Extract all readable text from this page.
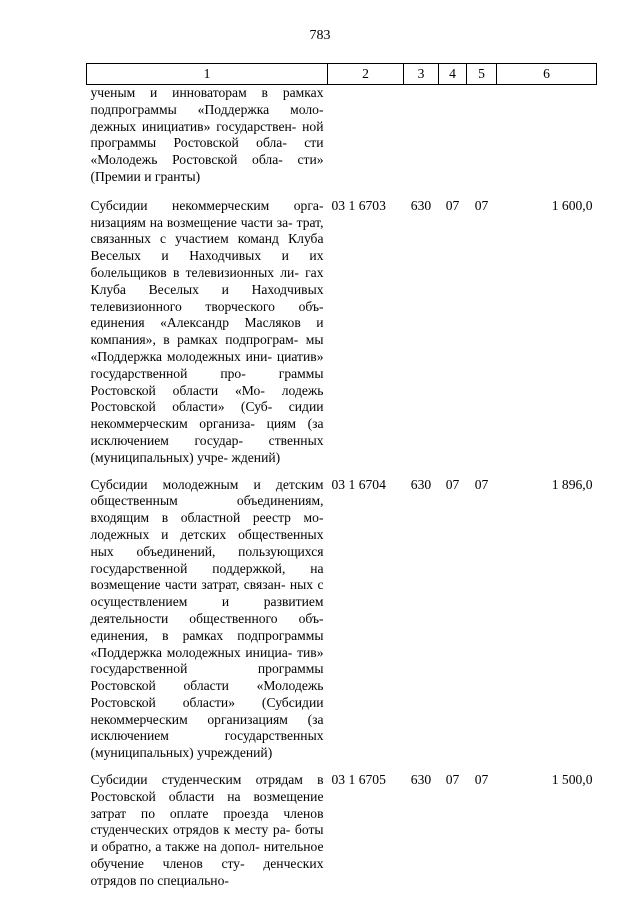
783
1	2	3	4	5	6
ученым и инноваторам в рамках подпрограммы «Поддержка моло- дежных инициатив» государствен- ной программы Ростовской обла- сти «Молодежь Ростовской обла- сти» (Премии и гранты)					
Субсидии некоммерческим орга- низациям на возмещение части за- трат, связанных с участием команд Клуба Веселых и Находчивых и их болельщиков в телевизионных ли- гах Клуба Веселых и Находчивых телевизионного творческого объ- единения «Александр Масляков и компания», в рамках подпрограм- мы «Поддержка молодежных ини- циатив» государственной про- граммы Ростовской области «Мо- лодежь Ростовской области» (Суб- сидии некоммерческим организа- циям (за исключением государ- ственных (муниципальных) учре- ждений)	03 1 6703	630	07	07	1 600,0
Субсидии молодежным и детским общественным объединениям, входящим в областной реестр мо- лодежных и детских общественных ных объединений, пользующихся государственной поддержкой, на возмещение части затрат, связан- ных с осуществлением и развитием деятельности общественного объ- единения, в рамках подпрограммы «Поддержка молодежных инициа- тив» государственной программы Ростовской области «Молодежь Ростовской области» (Субсидии некоммерческим организациям (за исключением государственных (муниципальных) учреждений)	03 1 6704	630	07	07	1 896,0
Субсидии студенческим отрядам в Ростовской области на возмещение затрат по оплате проезда членов студенческих отрядов к месту ра- боты и обратно, а также на допол- нительное обучение членов сту- денческих отрядов по специально-	03 1 6705	630	07	07	1 500,0
